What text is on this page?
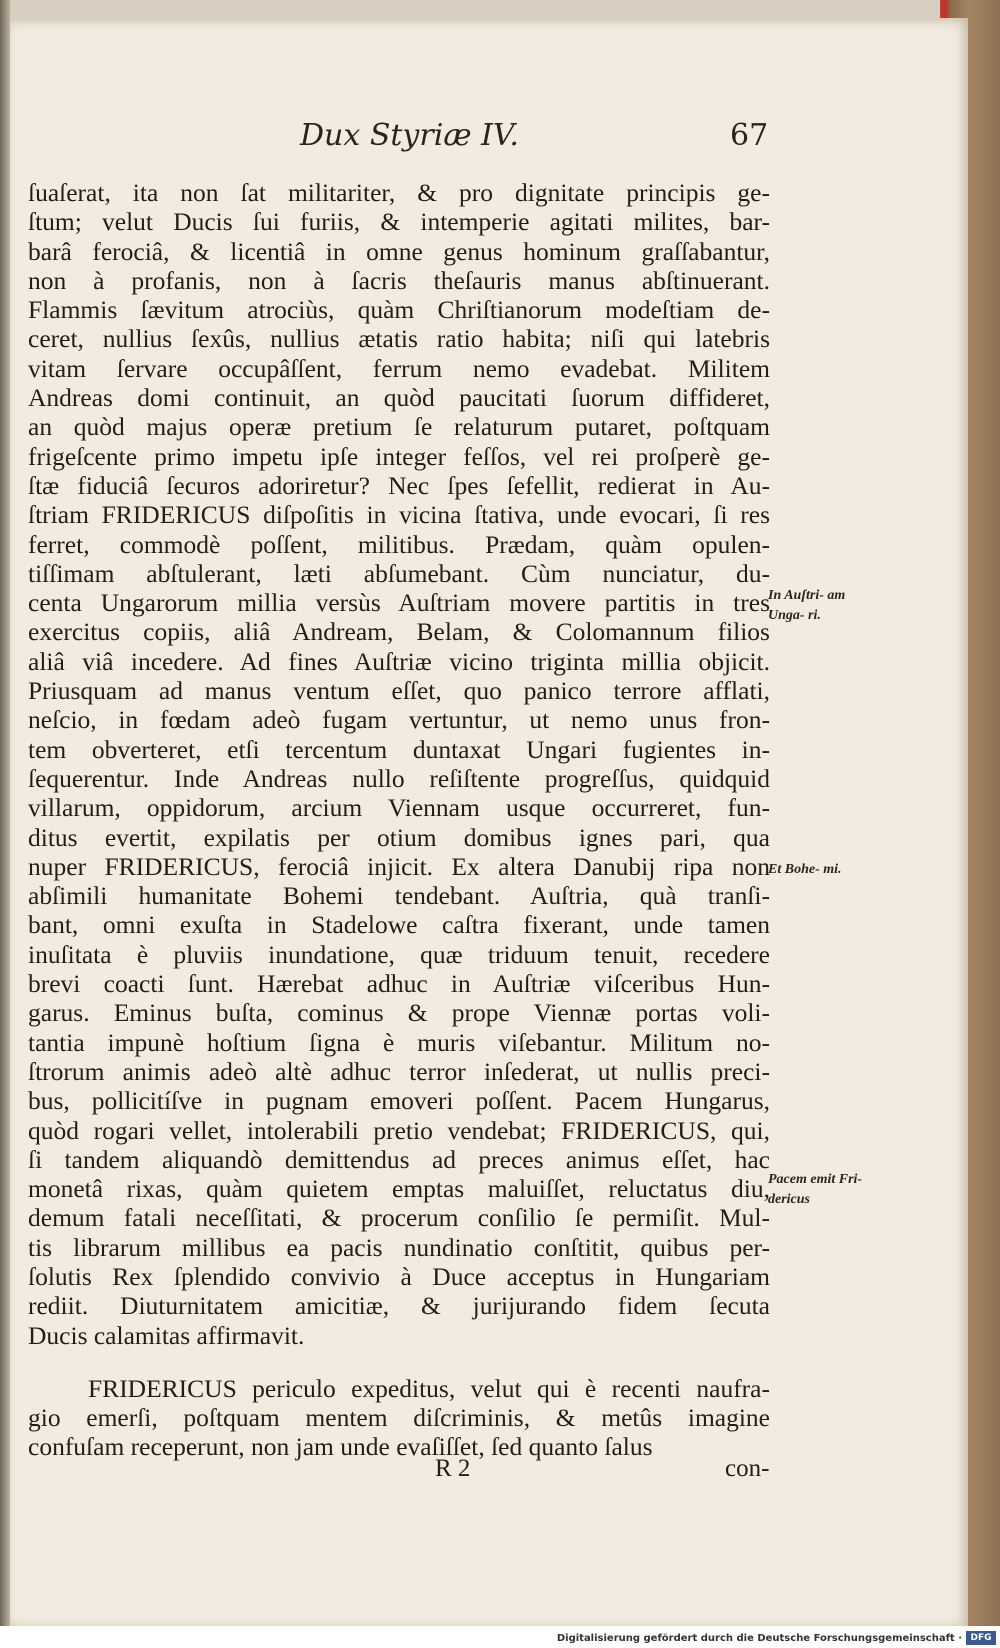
Dux Styriæ IV.	67
ſuaſerat, ita non ſat militariter, & pro dignitate principis ge-
ſtum; velut Ducis ſui furiis, & intemperie agitati milites, bar-
barâ ferociâ, & licentiâ in omne genus hominum graſſabantur,
non à profanis, non à ſacris theſauris manus abſtinuerant.
Flammis ſævitum atrociùs, quàm Chriſtianorum modeſtiam de-
ceret, nullius ſexûs, nullius ætatis ratio habita; niſi qui latebris
vitam ſervare occupâſſent, ferrum nemo evadebat. Militem
Andreas domi continuit, an quòd paucitati ſuorum diffideret,
an quòd majus operæ pretium ſe relaturum putaret, poſtquam
frigeſcente primo impetu ipſe integer feſſos, vel rei proſperè ge-
ſtæ fiduciâ ſecuros adoriretur? Nec ſpes ſefellit, redierat in Au-
ſtriam FRIDERICUS diſpoſitis in vicina ſtativa, unde evocari, ſi res
ferret, commodè poſſent, militibus. Prædam, quàm opulen-
tiſſimam abſtulerant, læti abſumebant. Cùm nunciatur, du-
centa Ungarorum millia versùs Auſtriam movere partitis in tres
exercitus copiis, aliâ Andream, Belam, & Colomannum filios
aliâ viâ incedere. Ad fines Auſtriæ vicino triginta millia objicit.
Priusquam ad manus ventum eſſet, quo panico terrore afflati,
neſcio, in fœdam adeò fugam vertuntur, ut nemo unus fron-
tem obverteret, etſi tercentum duntaxat Ungari fugientes in-
ſequerentur. Inde Andreas nullo reſiſtente progreſſus, quidquid
villarum, oppidorum, arcium Viennam usque occurreret, fun-
ditus evertit, expilatis per otium domibus ignes pari, qua
nuper FRIDERICUS, ferociâ injicit. Ex altera Danubij ripa non
abſimili humanitate Bohemi tendebant. Auſtria, quà tranſi-
bant, omni exuſta in Stadelowe caſtra fixerant, unde tamen
inuſitata è pluviis inundatione, quæ triduum tenuit, recedere
brevi coacti ſunt. Hærebat adhuc in Auſtriæ viſceribus Hun-
garus. Eminus buſta, cominus & prope Viennæ portas voli-
tantia impunè hoſtium ſigna è muris viſebantur. Militum no-
ſtrorum animis adeò altè adhuc terror inſederat, ut nullis preci-
bus, pollicitíſve in pugnam emoveri poſſent. Pacem Hungarus,
quòd rogari vellet, intolerabili pretio vendebat; FRIDERICUS, qui,
ſi tandem aliquandò demittendus ad preces animus eſſet, hac
monetâ rixas, quàm quietem emptas maluiſſet, reluctatus diu,
demum fatali neceſſitati, & procerum conſilio ſe permiſit. Mul-
tis librarum millibus ea pacis nundinatio conſtitit, quibus per-
ſolutis Rex ſplendido convivio à Duce acceptus in Hungariam
rediit. Diuturnitatem amicitiæ, & jurijurando fidem ſecuta
Ducis calamitas affirmavit.
FRIDERICUS periculo expeditus, velut qui è recenti naufra-
gio emerſi, poſtquam mentem diſcriminis, & metûs imagine
confuſam receperunt, non jam unde evaſiſſet, ſed quanto ſalus
In Auſtri- am Unga- ri.
Et Bohe- mi.
Pacem emit Fri- dericus
R 2	con-
Digitalisierung gefördert durch die Deutsche Forschungsgemeinschaft · DFG
